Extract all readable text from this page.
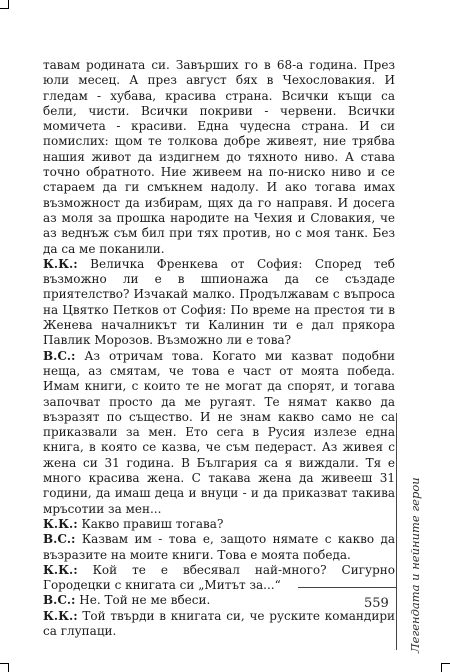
тавам родината си. Завърших го в 68-а година. През юли месец. А през август бях в Чехословакия. И гледам - хубава, красива страна. Всички къщи са бели, чисти. Всички покриви - червени. Всички момичета - красиви. Една чудесна страна. И си помислих: щом те толкова добре живеят, ние трябва нашия живот да издигнем до тяхното ниво. А става точно обратното. Ние живеем на по-ниско ниво и се стараем да ги смъкнем надолу. И ако тогава имах възможност да избирам, щях да го направя. И досега аз моля за прошка народите на Чехия и Словакия, че аз веднъж съм бил при тях против, но с моя танк. Без да са ме поканили.

К.К.: Величка Френкева от София: Според теб възможно ли е в шпионажа да се създаде приятелство? Изчакай малко. Продължавам с въпроса на Цвятко Петков от София: По време на престоя ти в Женева началникът ти Калинин ти е дал прякора Павлик Морозов. Възможно ли е това?

В.С.: Аз отричам това. Когато ми казват подобни неща, аз смятам, че това е част от моята победа. Имам книги, с които те не могат да спорят, и тогава започват просто да ме ругаят. Те нямат какво да възразят по същество. И не знам какво само не са приказвали за мен. Ето сега в Русия излезе една книга, в която се казва, че съм педераст. Аз живея с жена си 31 година. В България са я виждали. Тя е много красива жена. С такава жена да живееш 31 години, да имаш деца и внуци - и да приказват такива мръсотии за мен...

К.К.: Какво правиш тогава?

В.С.: Казвам им - това е, защото нямате с какво да възразите на моите книги. Това е моята победа.

К.К.: Кой те е вбесявал най-много? Сигурно Городецки с книгата си „Митът за...“

В.С.: Не. Той не ме вбеси.

К.К.: Той твърди в книгата си, че руските командири са глупаци.	Легендата и нейните герои
559
